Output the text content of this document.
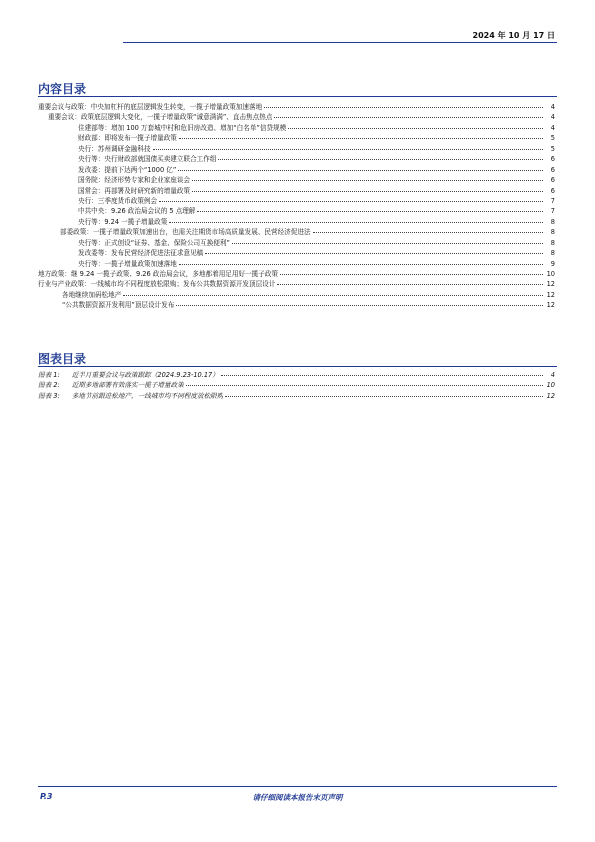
2024 年 10 月 17 日
内容目录
重要会议与政策：中央加杠杆的底层逻辑发生转变，一揽子增量政策加速落地	4
重要会议：政策底层逻辑大变化，一揽子增量政策“诚意满满”、直击焦点热点	4
住建部等：增加 100 万套城中村和危旧房改造、增加“白名单”信贷规模	4
财政部：即将发布一揽子增量政策	5
央行：苏州调研金融科技	5
央行等：央行财政部就国债买卖建立联合工作组	6
发改委：提前下达两个“1000 亿”	6
国务院：经济形势专家和企业家座谈会	6
国常会：再部署及时研究新的增量政策	6
央行：三季度货币政策例会	7
中共中央：9.26 政治局会议的 5 点理解	7
央行等：9.24 一揽子增量政策	8
部委政策：一揽子增量政策加速出台，也需关注期货市场高质量发展、民营经济促进法	8
央行等：正式创设“证券、基金、保险公司互换便利”	8
发改委等：发布民营经济促进法征求意见稿	8
央行等：一揽子增量政策加速落地	9
地方政策：继 9.24 一揽子政策、9.26 政治局会议，多地都着用足用好一揽子政策	10
行业与产业政策：一线城市均不同程度放松限购；发布公共数据资源开发顶层设计	12
各地继续加码松地产	12
“公共数据资源开发利用”顶层设计发布	12
图表目录
图表 1: 近半月重要会议与政策跟踪（2024.9.23-10.17）	4
图表 2: 近期多地部署有效落实一揽子增量政策	10
图表 3: 多地节前跟进松地产，一线城市均不同程度放松限购	12
请仔细阅读本报告末页声明
P.3
